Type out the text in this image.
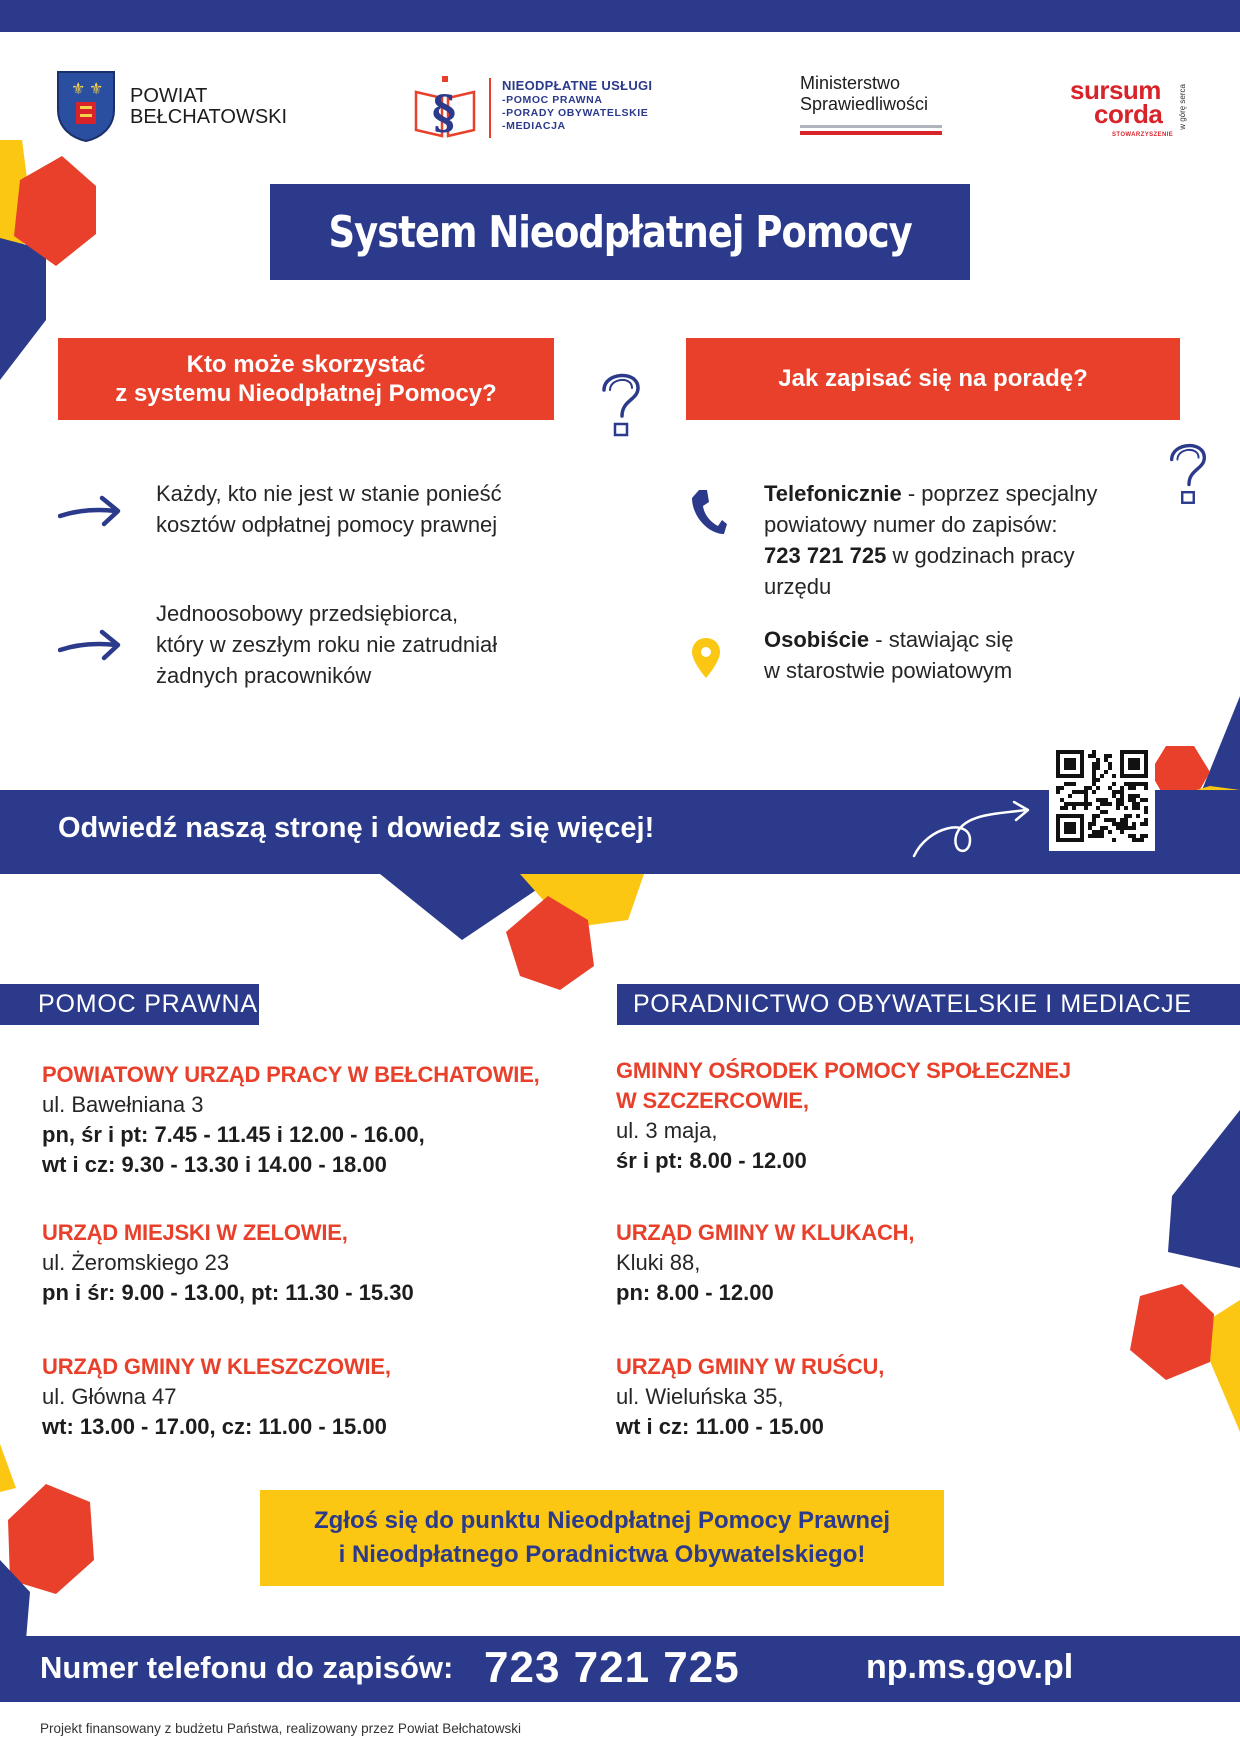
⚜ ⚜ POWIAT
BEŁCHATOWSKI	§	NIEODPŁATNE USŁUGI
-POMOC PRAWNA
-PORADY OBYWATELSKIE
-MEDIACJA
Ministerstwo
Sprawiedliwości	sursum
corda
STOWARZYSZENIE
w górę serca
System Nieodpłatnej Pomocy
Kto może skorzystać
z systemu Nieodpłatnej Pomocy?
Każdy, kto nie jest w stanie ponieść
kosztów odpłatnej pomocy prawnej
Jednoosobowy przedsiębiorca,
który w zeszłym roku nie zatrudniał
żadnych pracowników
Jak zapisać się na poradę?
Telefonicznie - poprzez specjalny
powiatowy numer do zapisów:
723 721 725 w godzinach pracy
urzędu
Osobiście - stawiając się
w starostwie powiatowym
Odwiedź naszą stronę i dowiedz się więcej!
POMOC PRAWNA
POWIATOWY URZĄD PRACY W BEŁCHATOWIE,
ul. Bawełniana 3
pn, śr i pt: 7.45 - 11.45 i 12.00 - 16.00,
wt i cz: 9.30 - 13.30 i 14.00 - 18.00
URZĄD MIEJSKI W ZELOWIE,
ul. Żeromskiego 23
pn i śr: 9.00 - 13.00, pt: 11.30 - 15.30
URZĄD GMINY W KLESZCZOWIE,
ul. Główna 47
wt: 13.00 - 17.00, cz: 11.00 - 15.00
PORADNICTWO OBYWATELSKIE I MEDIACJE
GMINNY OŚRODEK POMOCY SPOŁECZNEJ
W SZCZERCOWIE,
ul. 3 maja,
śr i pt: 8.00 - 12.00
URZĄD GMINY W KLUKACH,
Kluki 88,
pn: 8.00 - 12.00
URZĄD GMINY W RUŚCU,
ul. Wieluńska 35,
wt i cz: 11.00 - 15.00
Zgłoś się do punktu Nieodpłatnej Pomocy Prawnej
i Nieodpłatnego Poradnictwa Obywatelskiego!
Numer telefonu do zapisów: 723 721 725	np.ms.gov.pl
Projekt finansowany z budżetu Państwa, realizowany przez Powiat Bełchatowski
